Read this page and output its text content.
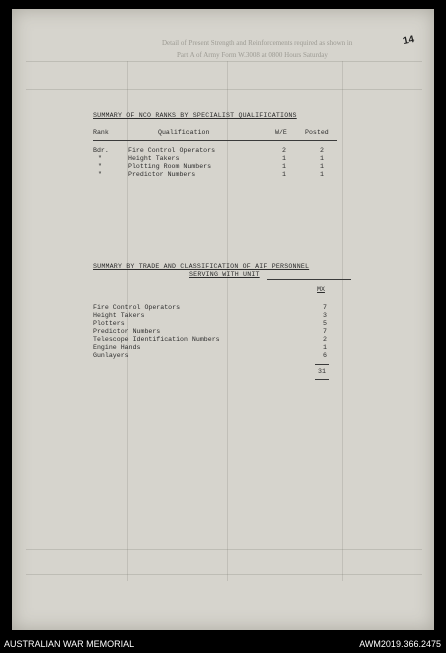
Detail of Present Strength and Reinforcements required as shown in
Part A of Army Form W.3008 at 0800 Hours Saturday
14
SUMMARY OF NCO RANKS BY SPECIALIST QUALIFICATIONS
Rank	Qualification	W/E	Posted
Bdr.	Fire Control Operators	2	2
"	Height Takers	1	1
"	Plotting Room Numbers	1	1
"	Predictor Numbers	1	1
SUMMARY BY TRADE AND CLASSIFICATION OF AIF PERSONNEL
SERVING WITH UNIT
MX
Fire Control Operators	7
Height Takers	3
Plotters	5
Predictor Numbers	7
Telescope Identification Numbers	2
Engine Hands	1
Gunlayers	6
31
AUSTRALIAN WAR MEMORIAL	AWM2019.366.2475
